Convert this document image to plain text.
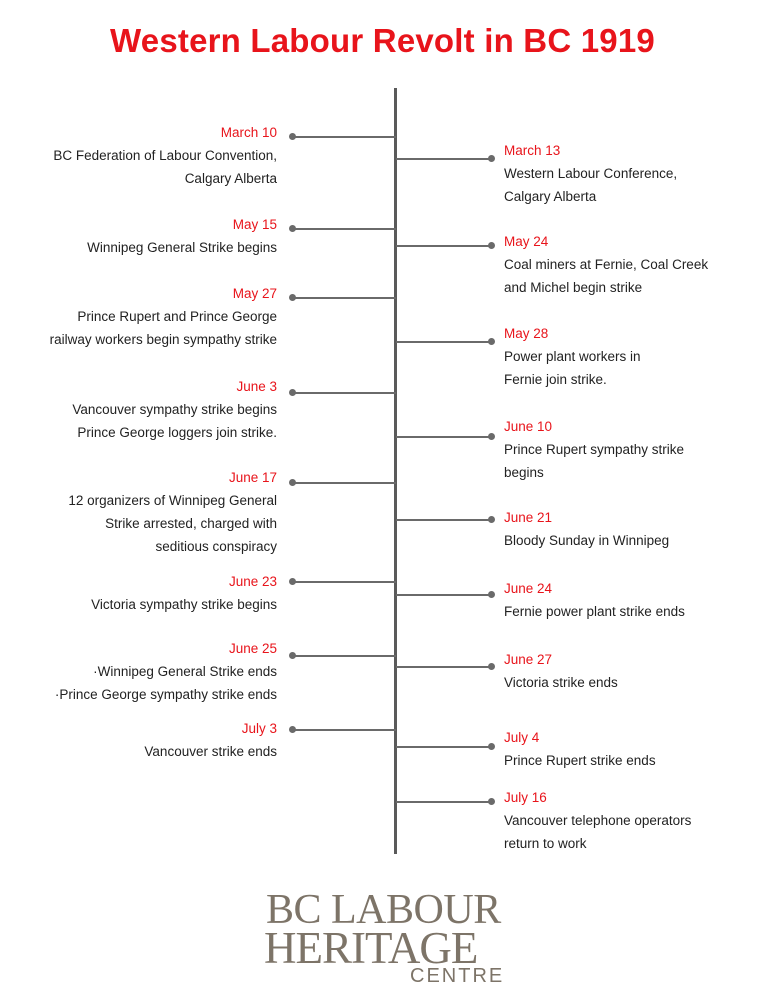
Western Labour Revolt in BC 1919
March 10
BC Federation of Labour Convention,
Calgary Alberta
May 15
Winnipeg General Strike begins
May 27
Prince Rupert and Prince George
railway workers begin sympathy strike
June 3
Vancouver sympathy strike begins
Prince George loggers join strike.
June 17
12 organizers of Winnipeg General
Strike arrested, charged with
seditious conspiracy
June 23
Victoria sympathy strike begins
June 25
·Winnipeg General Strike ends
·Prince George sympathy strike ends
July 3
Vancouver strike ends
March 13
Western Labour Conference,
Calgary Alberta
May 24
Coal miners at Fernie, Coal Creek
and Michel begin strike
May 28
Power plant workers in
Fernie join strike.
June 10
Prince Rupert sympathy strike
begins
June 21
Bloody Sunday in Winnipeg
June 24
Fernie power plant strike ends
June 27
Victoria strike ends
July 4
Prince Rupert strike ends
July 16
Vancouver telephone operators
return to work
BC LABOUR
HERITAGE
CENTRE
